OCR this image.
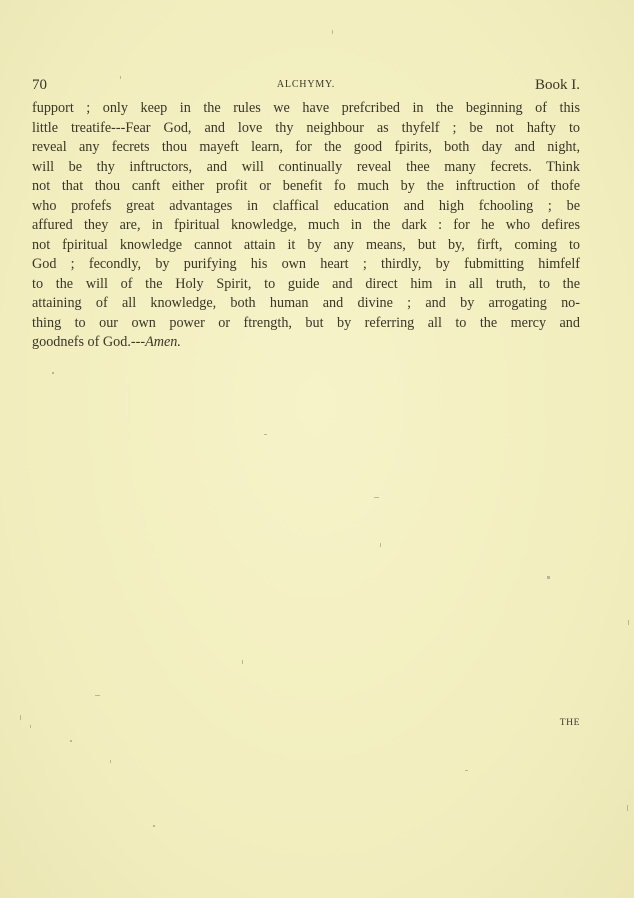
70	ALCHYMY.	Book I.
fupport ; only keep in the rules we have prefcribed in the beginning of this
little treatife---Fear God, and love thy neighbour as thyfelf ; be not hafty to
reveal any fecrets thou mayeft learn, for the good fpirits, both day and night,
will be thy inftructors, and will continually reveal thee many fecrets. Think
not that thou canft either profit or benefit fo much by the inftruction of thofe
who profefs great advantages in claffical education and high fchooling ; be
affured they are, in fpiritual knowledge, much in the dark : for he who defires
not fpiritual knowledge cannot attain it by any means, but by, firft, coming to
God ; fecondly, by purifying his own heart ; thirdly, by fubmitting himfelf
to the will of the Holy Spirit, to guide and direct him in all truth, to the
attaining of all knowledge, both human and divine ; and by arrogating no-
thing to our own power or ftrength, but by referring all to the mercy and
goodnefs of God.---Amen.
THE
